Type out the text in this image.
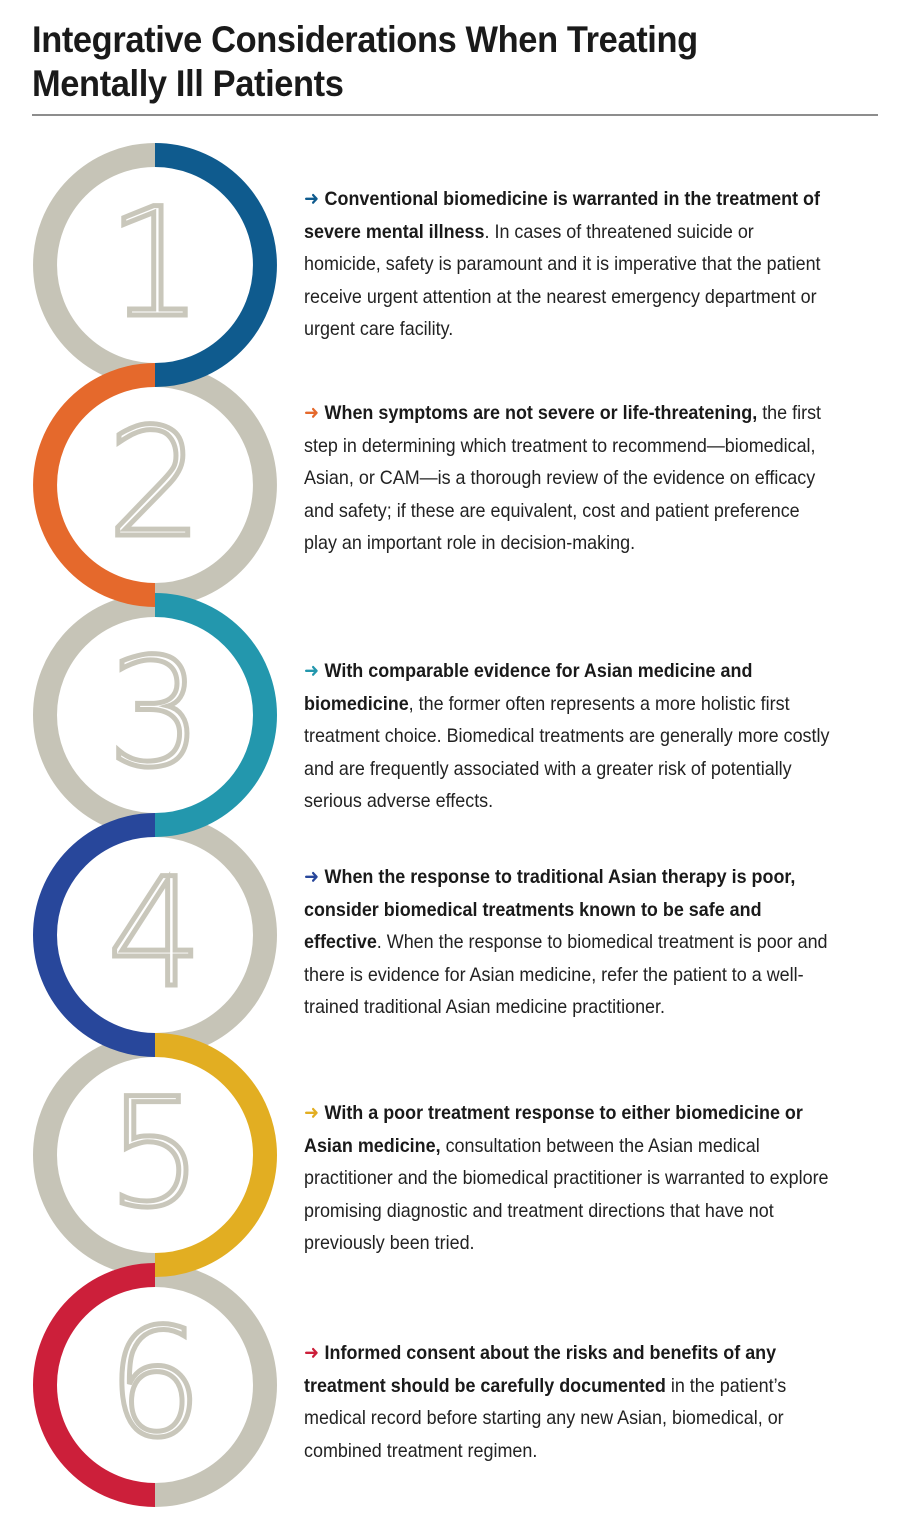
Integrative Considerations When Treating
Mentally Ill Patients
1
2
3
4
5
6
➜ Conventional biomedicine is warranted in the treatment of severe mental illness. In cases of threatened suicide or homicide, safety is paramount and it is imperative that the patient receive urgent attention at the nearest emergency department or urgent care facility.
➜ When symptoms are not severe or life-threatening, the first step in determining which treatment to recommend—biomedical, Asian, or CAM—is a thorough review of the evidence on efficacy and safety; if these are equivalent, cost and patient preference play an important role in decision-making.
➜ With comparable evidence for Asian medicine and biomedicine, the former often represents a more holistic first treatment choice. Biomedical treatments are generally more costly and are frequently associated with a greater risk of potentially serious adverse effects.
➜ When the response to traditional Asian therapy is poor, consider biomedical treatments known to be safe and effective. When the response to biomedical treatment is poor and there is evidence for Asian medicine, refer the patient to a well-trained traditional Asian medicine practitioner.
➜ With a poor treatment response to either biomedicine or Asian medicine, consultation between the Asian medical practitioner and the biomedical practitioner is warranted to explore promising diagnostic and treatment directions that have not previously been tried.
➜ Informed consent about the risks and benefits of any treatment should be carefully documented in the patient’s medical record before starting any new Asian, biomedical, or combined treatment regimen.
